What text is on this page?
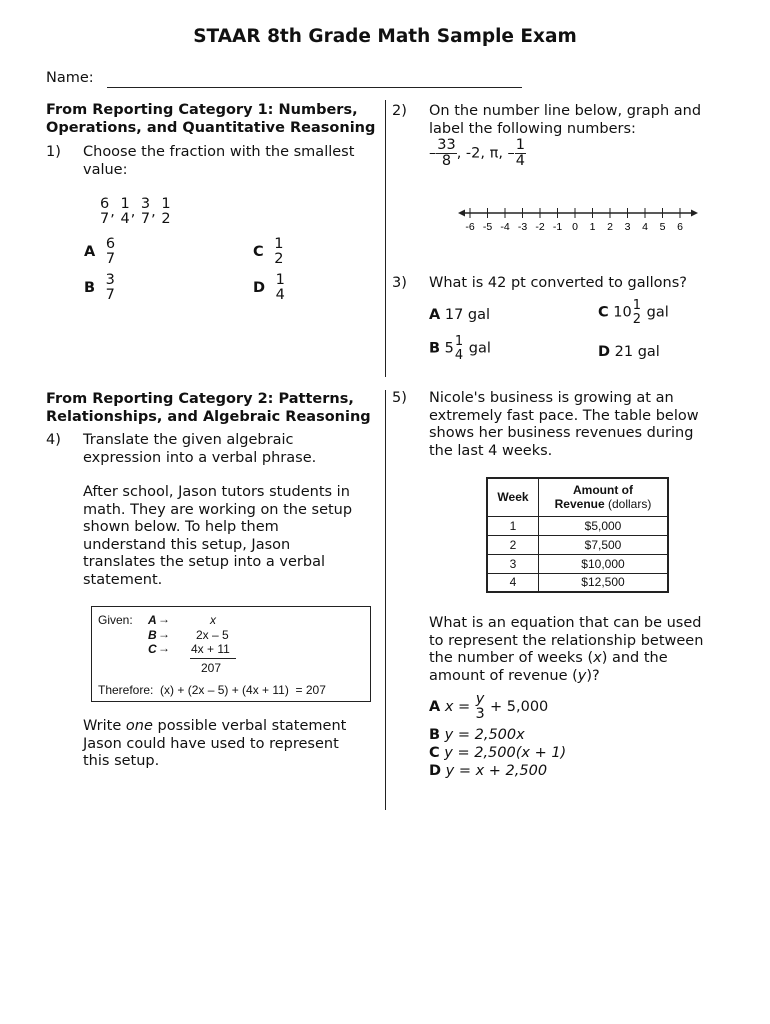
STAAR 8th Grade Math Sample Exam
Name:
From Reporting Category 1: Numbers,
Operations, and Quantitative Reasoning
1) Choose the fraction with the smallest
value:
6
7 ,
1
4 ,
3
7 ,
1
2
A
6
7	C
1
2
B
3
7	D
1
4
2) On the number line below, graph and
label the following numbers:
– $\frac{33}{8}$ , -2, π, – $\frac{1}{4}$
-6 -5 -4 -3 -2 -1 0 1 2 3 4 5 6
3) What is 42 pt converted to gallons?
A 17 gal	C 10 1
2 gal
B 5 1
4 gal	D 21 gal
From Reporting Category 2: Patterns,
Relationships, and Algebraic Reasoning
4) Translate the given algebraic
expression into a verbal phrase.
After school, Jason tutors students in
math. They are working on the setup
shown below. To help them
understand this setup, Jason
translates the setup into a verbal
statement.
Given: A →	x
B → 2x – 5
C → 4x + 11
207
Therefore:  (x) + (2x – 5) + (4x + 11)  = 207
Write one possible verbal statement
Jason could have used to represent
this setup.
5) Nicole's business is growing at an
extremely fast pace. The table below
shows her business revenues during
the last 4 weeks.
Week	Amount of
Revenue (dollars)

1	$5,000
2	$7,500
3	$10,000
4	$12,500
What is an equation that can be used
to represent the relationship between
the number of weeks (x) and the
amount of revenue (y)?
A x =
y
3 + 5,000
B y = 2,500x
C y = 2,500(x + 1)
D y = x + 2,500
